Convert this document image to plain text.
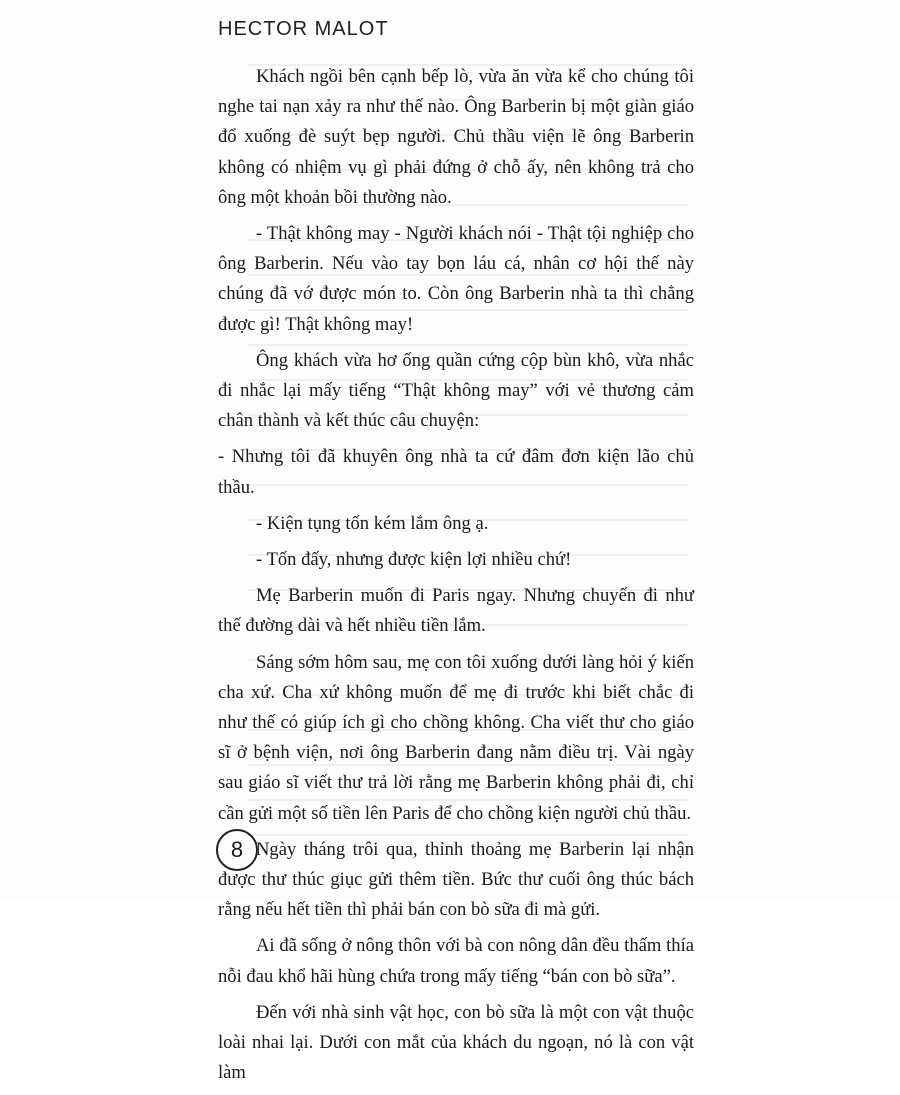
HECTOR MALOT

Khách ngồi bên cạnh bếp lò, vừa ăn vừa kể cho chúng tôi nghe tai nạn xảy ra như thế nào. Ông Barberin bị một giàn giáo đổ xuống đè suýt bẹp người. Chủ thầu viện lẽ ông Barberin không có nhiệm vụ gì phải đứng ở chỗ ấy, nên không trả cho ông một khoản bồi thường nào.

- Thật không may - Người khách nói - Thật tội nghiệp cho ông Barberin. Nếu vào tay bọn láu cá, nhân cơ hội thế này chúng đã vớ được món to. Còn ông Barberin nhà ta thì chẳng được gì! Thật không may!

Ông khách vừa hơ ống quần cứng cộp bùn khô, vừa nhắc đi nhắc lại mấy tiếng “Thật không may” với vẻ thương cảm chân thành và kết thúc câu chuyện:

- Nhưng tôi đã khuyên ông nhà ta cứ đâm đơn kiện lão chủ thầu.

- Kiện tụng tốn kém lắm ông ạ.

- Tốn đấy, nhưng được kiện lợi nhiều chứ!

Mẹ Barberin muốn đi Paris ngay. Nhưng chuyến đi như thế đường dài và hết nhiều tiền lắm.

Sáng sớm hôm sau, mẹ con tôi xuống dưới làng hỏi ý kiến cha xứ. Cha xứ không muốn để mẹ đi trước khi biết chắc đi như thế có giúp ích gì cho chồng không. Cha viết thư cho giáo sĩ ở bệnh viện, nơi ông Barberin đang nằm điều trị. Vài ngày sau giáo sĩ viết thư trả lời rằng mẹ Barberin không phải đi, chỉ cần gửi một số tiền lên Paris để cho chồng kiện người chủ thầu.

Ngày tháng trôi qua, thỉnh thoảng mẹ Barberin lại nhận được thư thúc giục gửi thêm tiền. Bức thư cuối ông thúc bách rằng nếu hết tiền thì phải bán con bò sữa đi mà gửi.

Ai đã sống ở nông thôn với bà con nông dân đều thấm thía nỗi đau khổ hãi hùng chứa trong mấy tiếng “bán con bò sữa”.

Đến với nhà sinh vật học, con bò sữa là một con vật thuộc loài nhai lại. Dưới con mắt của khách du ngoạn, nó là con vật làm

8
